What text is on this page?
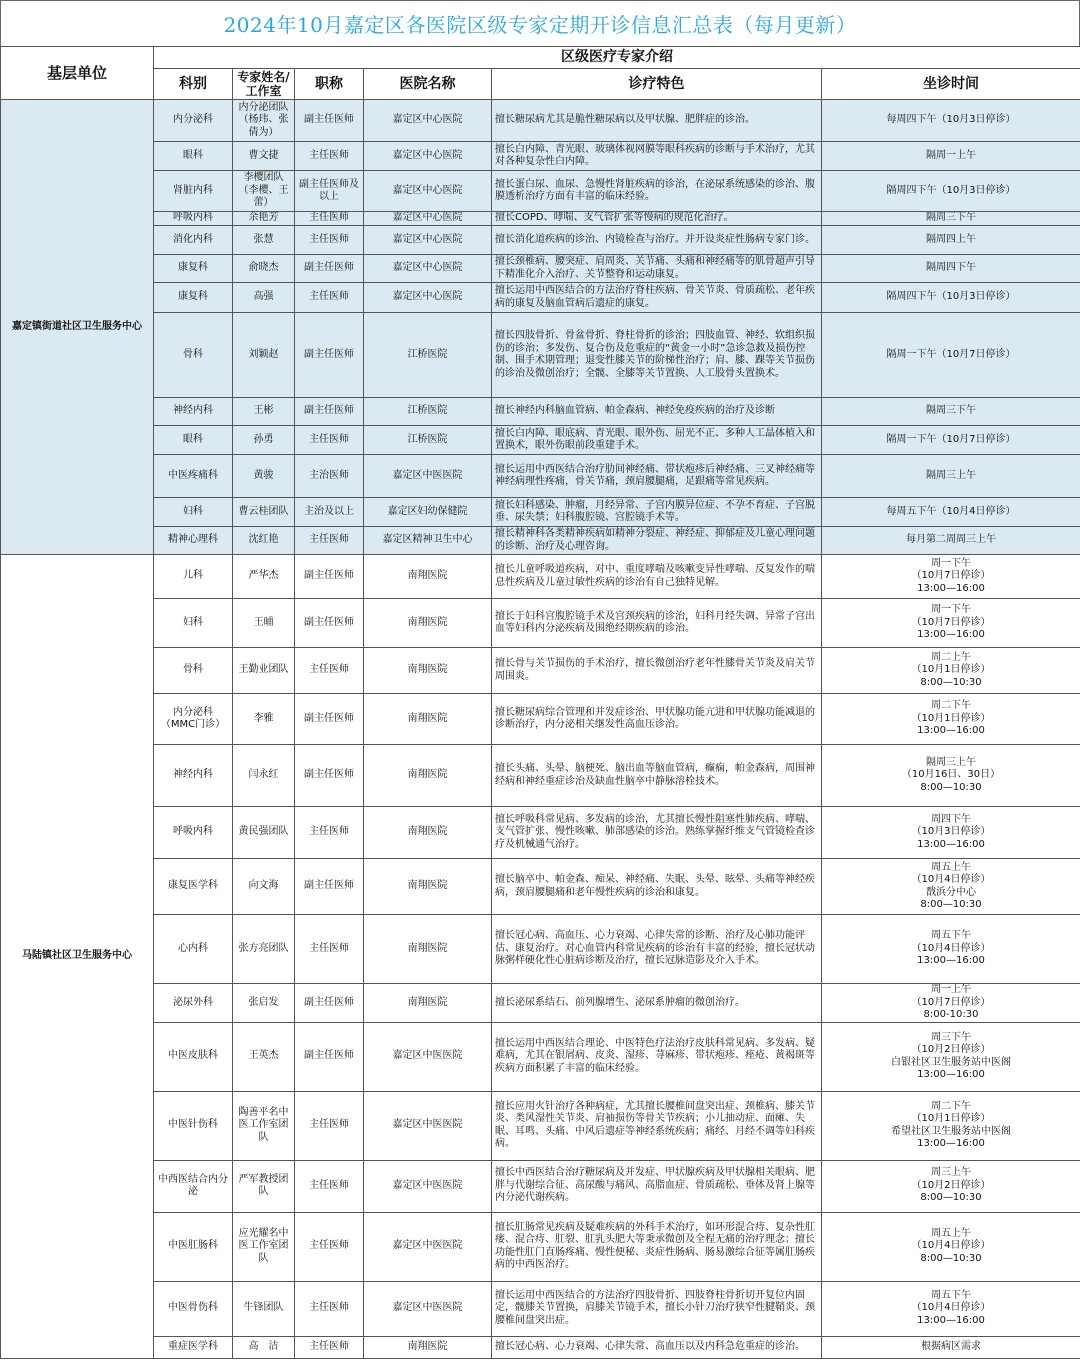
2024年10月嘉定区各医院区级专家定期开诊信息汇总表（每月更新）
基层单位	区级医疗专家介绍					
	科别	专家姓名/工作室	职称	医院名称	诊疗特色	坐诊时间
嘉定镇街道社区卫生服务中心	内分泌科	内分泌团队（杨玮、张倩为）	副主任医师	嘉定区中心医院	擅长糖尿病尤其是脆性糖尿病以及甲状腺、肥胖症的诊治。	每周四下午（10月3日停诊）
	眼科	曹文捷	主任医师	嘉定区中心医院	擅长白内障、青光眼、玻璃体视网膜等眼科疾病的诊断与手术治疗，尤其对各种复杂性白内障。	隔周一上午
	肾脏内科	李樱团队（李樱、王蕾）	副主任医师及以上	嘉定区中心医院	擅长蛋白尿、血尿、急慢性肾脏疾病的诊治，在泌尿系统感染的诊治、腹膜透析治疗方面有丰富的临床经验。	隔周四下午（10月3日停诊）
	呼吸内科	余艳芳	主任医师	嘉定区中心医院	擅长COPD、哮喘、支气管扩张等慢病的规范化治疗。	隔周三下午
	消化内科	张慧	主任医师	嘉定区中心医院	擅长消化道疾病的诊治、内镜检查与治疗。并开设炎症性肠病专家门诊。	隔周四上午
	康复科	俞晓杰	副主任医师	嘉定区中心医院	擅长颈椎病、腰突症、肩周炎、关节痛、头痛和神经痛等的肌骨超声引导下精准化介入治疗、关节整脊和运动康复。	隔周四下午
	康复科	高强	主任医师	嘉定区中心医院	擅长运用中西医结合的方法治疗脊柱疾病、骨关节炎、骨质疏松、老年疾病的康复及脑血管病后遗症的康复。	隔周四下午（10月3日停诊）
	骨科	刘颖赵	副主任医师	江桥医院	擅长四肢骨折、骨盆骨折、脊柱骨折的诊治；四肢血管、神经、软组织损伤的诊治；多发伤、复合伤及危重症的“黄金一小时”急诊急救及损伤控制、围手术期管理；退变性膝关节的阶梯性治疗；肩、膝、踝等关节损伤的诊治及微创治疗；全髋、全膝等关节置换、人工股骨头置换术。	隔周一下午（10月7日停诊）
	神经内科	王彬	副主任医师	江桥医院	擅长神经内科脑血管病、帕金森病、神经免疫疾病的治疗及诊断	隔周三下午
	眼科	孙勇	主任医师	江桥医院	擅长白内障、眼底病、青光眼、眼外伤、屈光不正、多种人工晶体植入和置换术，眼外伤眼前段重建手术。	隔周一下午（10月7日停诊）
	中医疼痛科	黄骏	主治医师	嘉定区中医医院	擅长运用中西医结合治疗肋间神经痛、带状疱疹后神经痛、三叉神经痛等神经病理性疼痛，骨关节痛，颈肩腰腿痛，足跟痛等常见疾病。	隔周三上午
	妇科	曹云桂团队	主治及以上	嘉定区妇幼保健院	擅长妇科感染、肿瘤，月经异常、子宫内膜异位症、不孕不育症、子宫脱垂、尿失禁；妇科腹腔镜、宫腔镜手术等。	每周五下午（10月4日停诊）
	精神心理科	沈红艳	主任医师	嘉定区精神卫生中心	擅长精神科各类精神疾病如精神分裂症、神经症、抑郁症及儿童心理问题的诊断、治疗及心理咨询。	每月第二周周三上午
马陆镇社区卫生服务中心	儿科	严华杰	副主任医师	南翔医院	擅长儿童呼吸道疾病，对中、重度哮喘及咳嗽变异性哮喘、反复发作的喘息性疾病及儿童过敏性疾病的诊治有自己独特见解。	周一下午
（10月7日停诊）
13:00—16:00
	妇科	王晡	副主任医师	南翔医院	擅长于妇科宫腹腔镜手术及宫颈疾病的诊治，妇科月经失调、异常子宫出血等妇科内分泌疾病及围绝经期疾病的诊治。	周一下午
（10月7日停诊）
13:00—16:00
	骨科	王勤业团队	主任医师	南翔医院	擅长骨与关节损伤的手术治疗，擅长微创治疗老年性膝骨关节炎及肩关节周围炎。	周二上午
（10月1日停诊）
8:00—10:30
	内分泌科（MMC门诊）	李雅	副主任医师	南翔医院	擅长糖尿病综合管理和并发症诊治、甲状腺功能亢进和甲状腺功能减退的诊断治疗，内分泌相关继发性高血压诊治。	周二下午
（10月1日停诊）
13:00—16:00
	神经内科	闫永红	副主任医师	南翔医院	擅长头痛、头晕、脑梗死、脑出血等脑血管病，癫痫，帕金森病，周围神经病和神经重症诊治及缺血性脑卒中静脉溶栓技术。	隔周三上午
（10月16日、30日）
8:00—10:30
	呼吸内科	黄民强团队	主任医师	南翔医院	擅长呼吸科常见病、多发病的诊治，尤其擅长慢性阻塞性肺疾病、哮喘、支气管扩张、慢性咳嗽、肺部感染的诊治。熟练掌握纤维支气管镜检查诊疗及机械通气治疗。	周四下午
（10月3日停诊）
13:00—16:00
	康复医学科	向文海	副主任医师	南翔医院	擅长脑卒中、帕金森、痴呆、神经痛、失眠、头晕、眩晕、头痛等神经疾病，颈肩腰腿痛和老年慢性疾病的诊治和康复。	周五上午
（10月4日停诊）
戬浜分中心
8:00—10:30
	心内科	张方亮团队	主任医师	南翔医院	擅长冠心病、高血压、心力衰竭、心律失常的诊断、治疗及心肺功能评估、康复治疗。对心血管内科常见疾病的诊治有丰富的经验，擅长冠状动脉粥样硬化性心脏病诊断及治疗，擅长冠脉造影及介入手术。	周五下午
（10月4日停诊）
13:00—16:00
	泌尿外科	张启发	副主任医师	南翔医院	擅长泌尿系结石、前列腺增生、泌尿系肿瘤的微创治疗。	周一上午
（10月7日停诊）
8:00-10:30
	中医皮肤科	王英杰	副主任医师	嘉定区中医医院	擅长运用中西医结合理论、中医特色疗法治疗皮肤科常见病、多发病、疑难病，尤其在银屑病、皮炎、湿疹、荨麻疹、带状疱疹、痤疮、黄褐斑等疾病方面积累了丰富的临床经验。	周三下午
（10月2日停诊）
白银社区卫生服务站中医阁
13:00—16:00
	中医针伤科	陶善平名中医工作室团队	主任医师	嘉定区中医医院	擅长应用火针治疗各种病症，尤其擅长腰椎间盘突出症、颈椎病、膝关节炎、类风湿性关节炎、肩袖损伤等骨关节疾病；小儿抽动症、面瘫、失眠、耳鸣、头痛、中风后遗症等神经系统疾病；痛经、月经不调等妇科疾病。	周二下午
（10月1日停诊）
希望社区卫生服务站中医阁
13:00—16:00
	中西医结合内分泌	严军教授团队	主任医师	嘉定区中医医院	擅长中西医结合治疗糖尿病及并发症、甲状腺疾病及甲状腺相关眼病、肥胖与代谢综合征、高尿酸与痛风、高脂血症、骨质疏松、垂体及肾上腺等内分泌代谢疾病。	周三上午
（10月2日停诊）
8:00—10:30
	中医肛肠科	应光耀名中医工作室团队	主任医师	嘉定区中医医院	擅长肛肠常见疾病及疑难疾病的外科手术治疗，如环形混合痔、复杂性肛瘘、混合痔、肛裂、肛乳头肥大等秉承微创及全程无痛的治疗理念；擅长功能性肛门直肠疼痛、慢性便秘、炎症性肠病、肠易激综合征等属肛肠疾病的中西医治疗。	周五上午
（10月4日停诊）
8:00—10:30
	中医骨伤科	牛锋团队	主任医师	嘉定区中医医院	擅长运用中西医结合的方法治疗四肢骨折、四肢脊柱骨折切开复位内固定，髋膝关节置换，肩膝关节镜手术，擅长小针刀治疗狭窄性腱鞘炎、颈腰椎间盘突出症。	周五下午
（10月4日停诊）
13:00—16:00
	重症医学科	高　洁	主任医师	南翔医院	擅长冠心病、心力衰竭、心律失常、高血压以及内科急危重症的诊治。	根据病区需求
